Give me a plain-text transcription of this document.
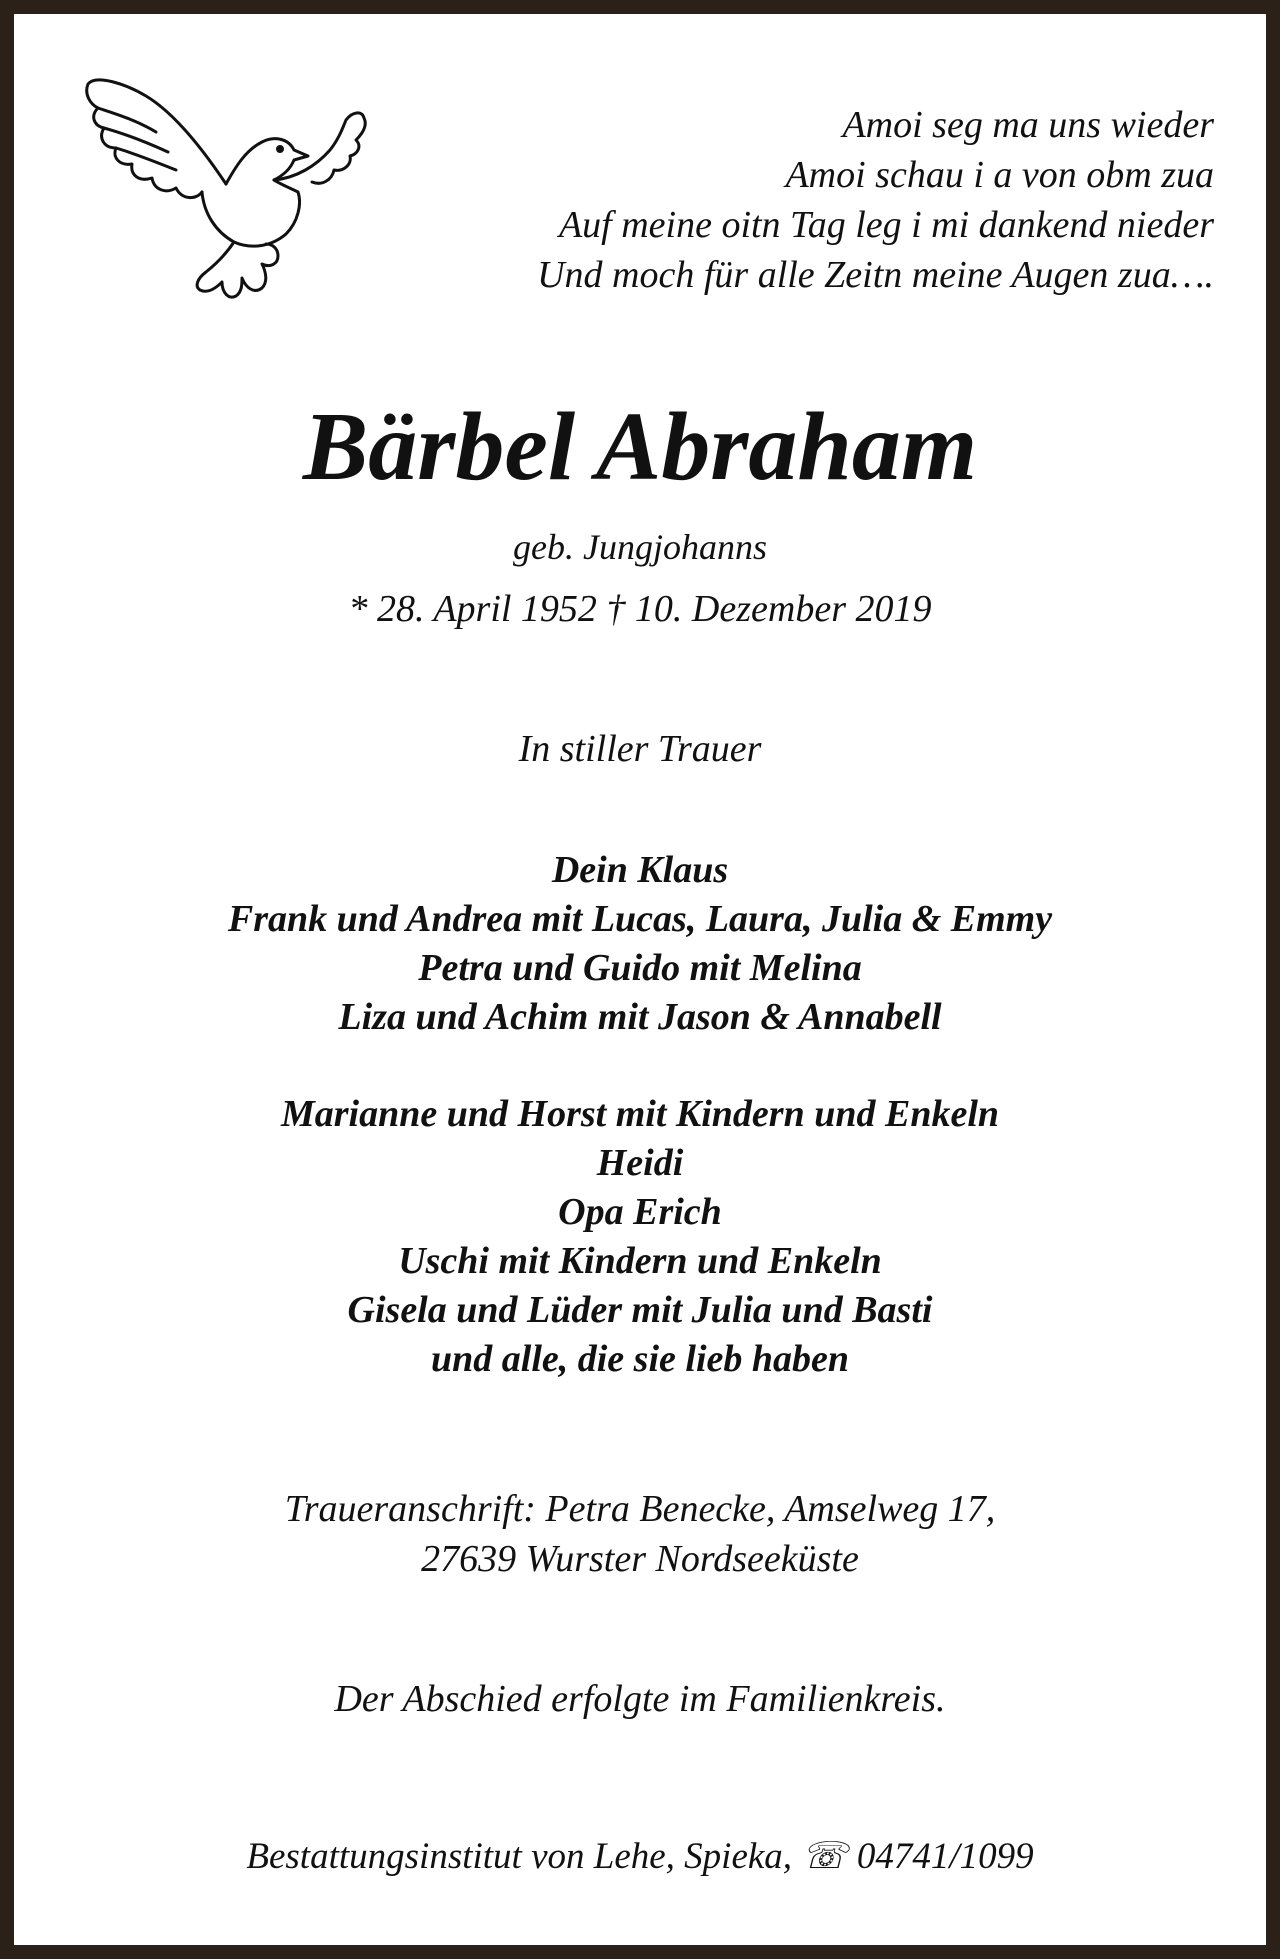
Amoi seg ma uns wieder
Amoi schau i a von obm zua
Auf meine oitn Tag leg i mi dankend nieder
Und moch für alle Zeitn meine Augen zua….
Bärbel Abraham
geb. Jungjohanns
* 28. April 1952 † 10. Dezember 2019
In stiller Trauer
Dein Klaus
Frank und Andrea mit Lucas, Laura, Julia & Emmy
Petra und Guido mit Melina
Liza und Achim mit Jason & Annabell
Marianne und Horst mit Kindern und Enkeln
Heidi
Opa Erich
Uschi mit Kindern und Enkeln
Gisela und Lüder mit Julia und Basti
und alle, die sie lieb haben
Traueranschrift: Petra Benecke, Amselweg 17,
27639 Wurster Nordseeküste
Der Abschied erfolgte im Familienkreis.
Bestattungsinstitut von Lehe, Spieka, ☏ 04741/1099
